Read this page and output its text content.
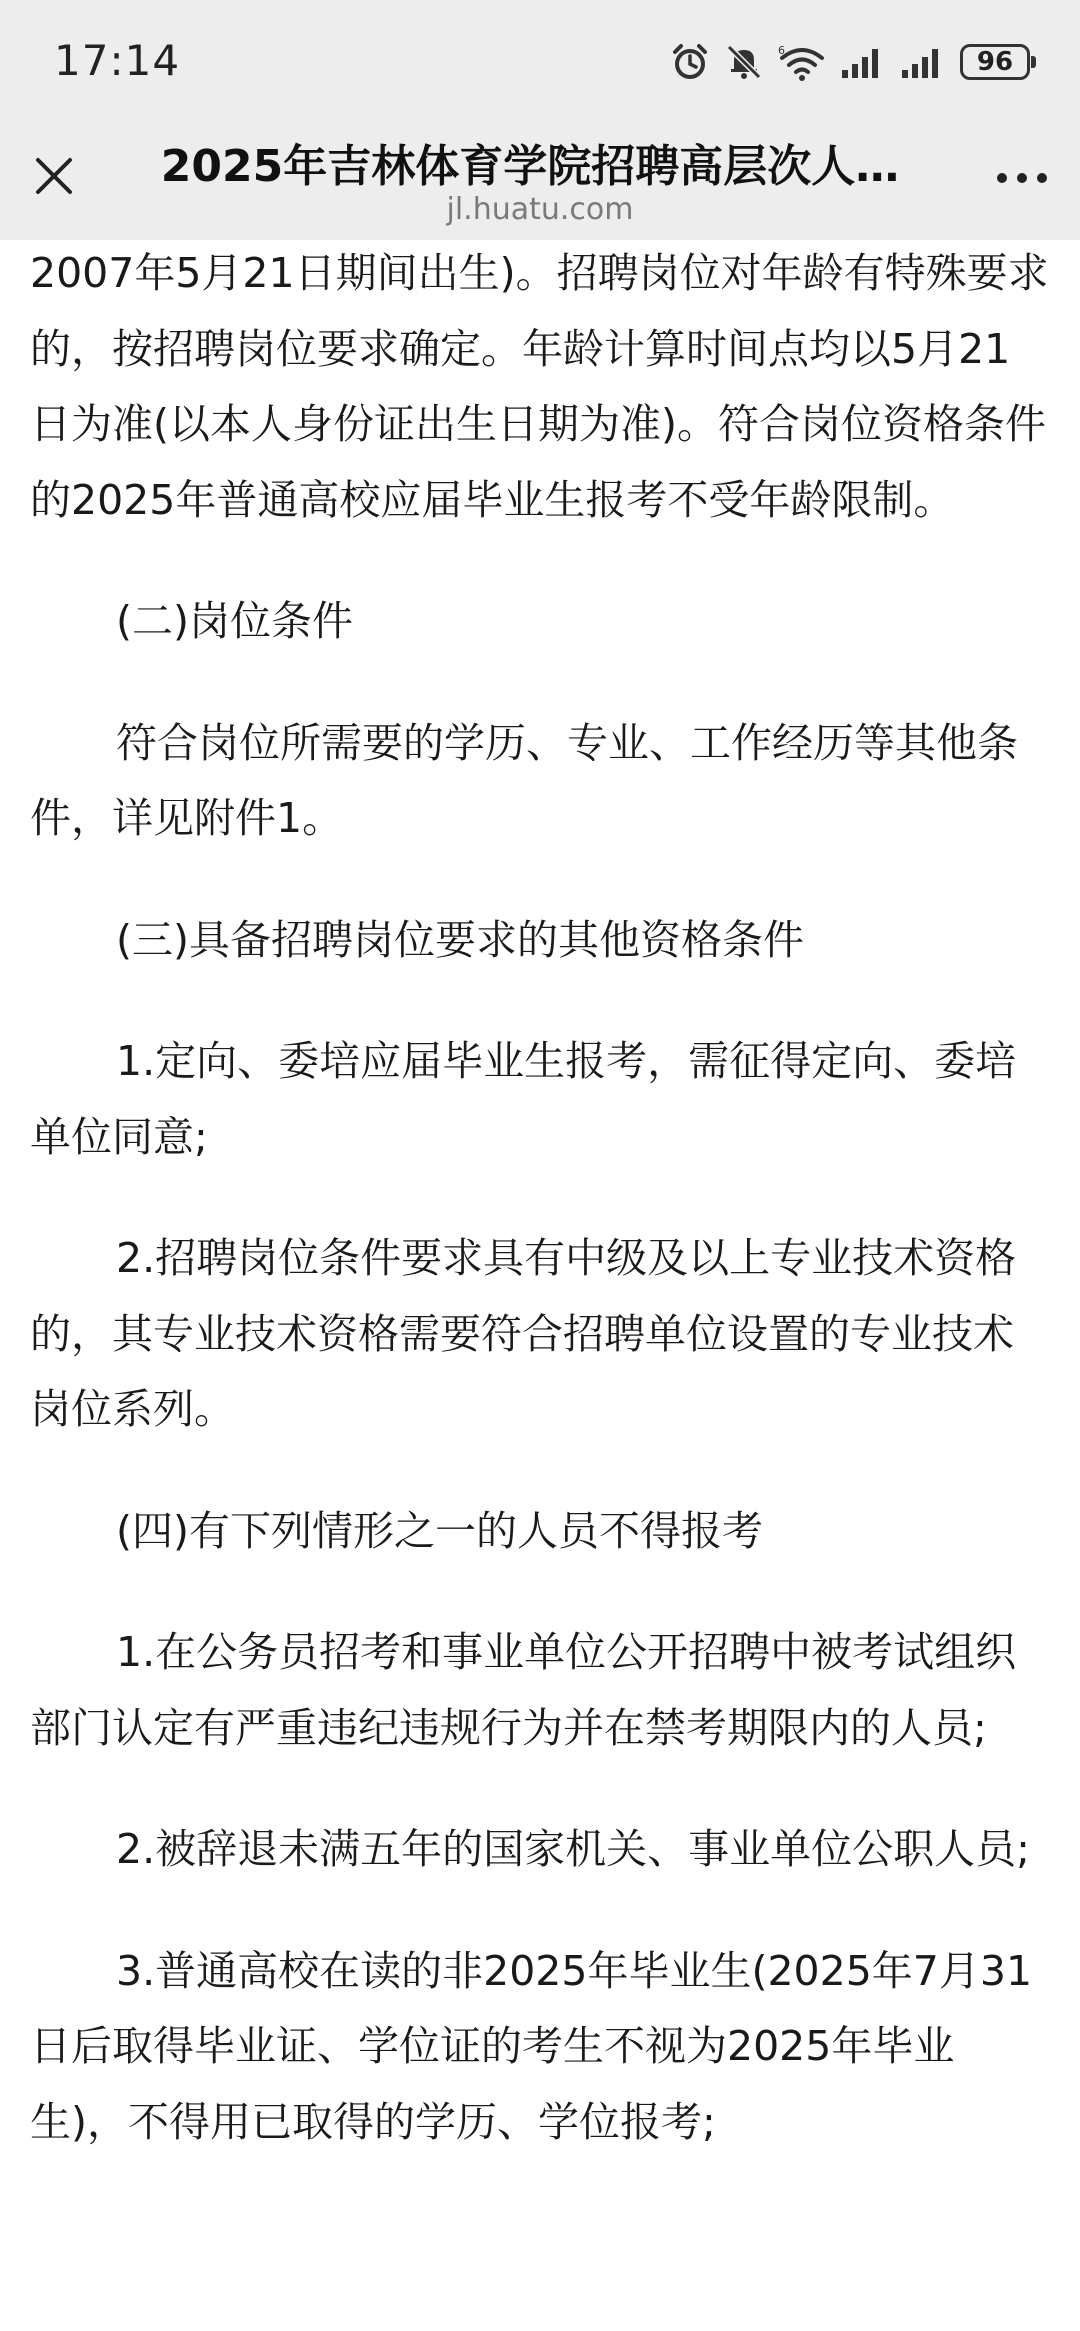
17:14	6	96
2025年吉林体育学院招聘高层次人…
jl.huatu.com

2007年5月21日期间出生)。招聘岗位对年龄有特殊要求的，按招聘岗位要求确定。年龄计算时间点均以5月21日为准(以本人身份证出生日期为准)。符合岗位资格条件的2025年普通高校应届毕业生报考不受年龄限制。

(二)岗位条件

符合岗位所需要的学历、专业、工作经历等其他条件，详见附件1。

(三)具备招聘岗位要求的其他资格条件

1.定向、委培应届毕业生报考，需征得定向、委培单位同意;

2.招聘岗位条件要求具有中级及以上专业技术资格的，其专业技术资格需要符合招聘单位设置的专业技术岗位系列。

(四)有下列情形之一的人员不得报考

1.在公务员招考和事业单位公开招聘中被考试组织部门认定有严重违纪违规行为并在禁考期限内的人员;

2.被辞退未满五年的国家机关、事业单位公职人员;

3.普通高校在读的非2025年毕业生(2025年7月31日后取得毕业证、学位证的考生不视为2025年毕业生)，不得用已取得的学历、学位报考;
